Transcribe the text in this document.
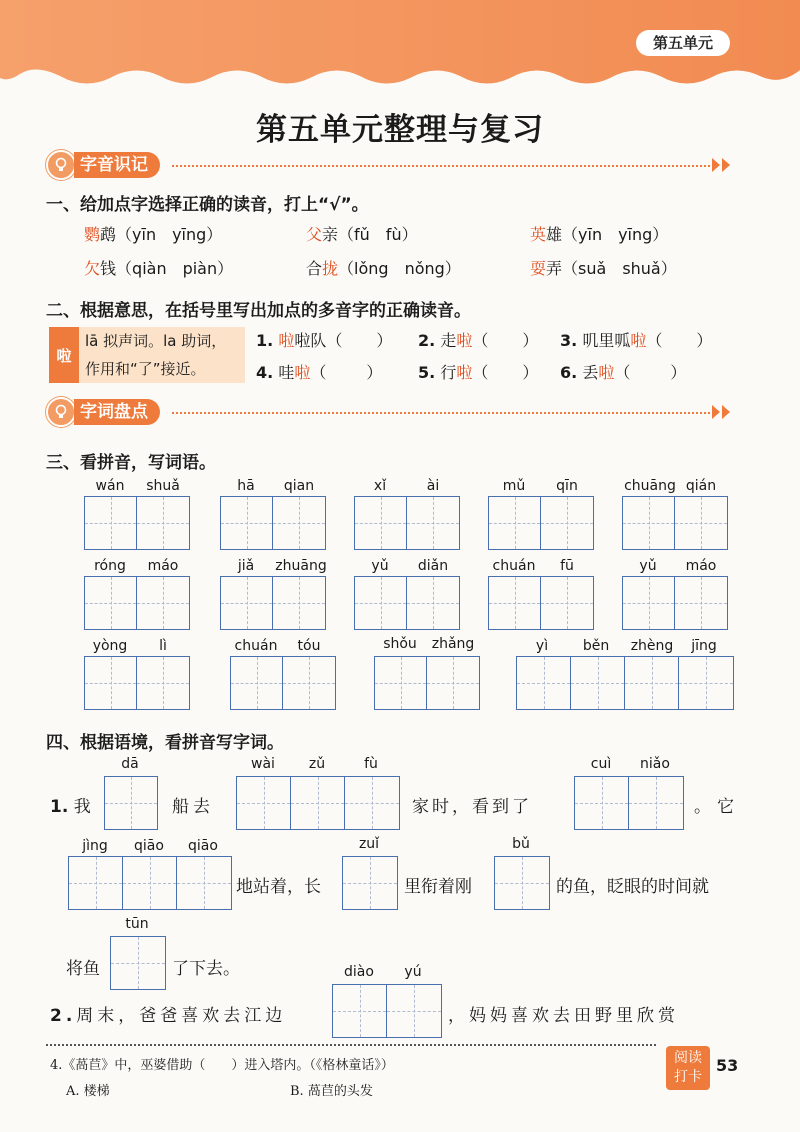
第五单元
第五单元整理与复习
字音识记
一、给加点字选择正确的读音，打上“√”。
鹦鹉（yīn　yīng）	父亲（fǔ　fù）	英雄（yīn　yīng）
欠钱（qiàn　piàn）	合拢（lǒng　nǒng）	耍弄（suǎ　shuǎ）
二、根据意思，在括号里写出加点的多音字的正确读音。
啦
lā 拟声词。la 助词，
作用和“了”接近。
1. 啦啦队（ ） 2. 走啦（ ） 3. 叽里呱啦（ ）
4. 哇啦（	） 5. 行啦（ ） 6. 丢啦（	）
字词盘点
三、看拼音，写词语。
wán	shuǎ	hā	qian	xǐ	ài	mǔ	qīn	chuāng qián
róng	máo	jiǎ	zhuāng	yǔ	diǎn	chuán	fū	yǔ	máo
yòng	lì	chuán	tóu	shǒu	zhǎng	yì	běn	zhèng	jīng
四、根据语境，看拼音写字词。
dā	wài	zǔ	fù	cuì	niǎo
1. 我	船去	家时，看到了	。它
jìng	qiāo	qiāo	zuǐ	bǔ
地站着，长	里衔着刚	的鱼，眨眼的时间就
tūn
将鱼	了下去。	diào	yú
2.周末，爸爸喜欢去江边	，妈妈喜欢去田野里欣赏
4.《萵苣》中，巫婆借助（　　）进入塔内。（《格林童话》）
A. 楼梯	B. 萵苣的头发
阅读
打卡
53
